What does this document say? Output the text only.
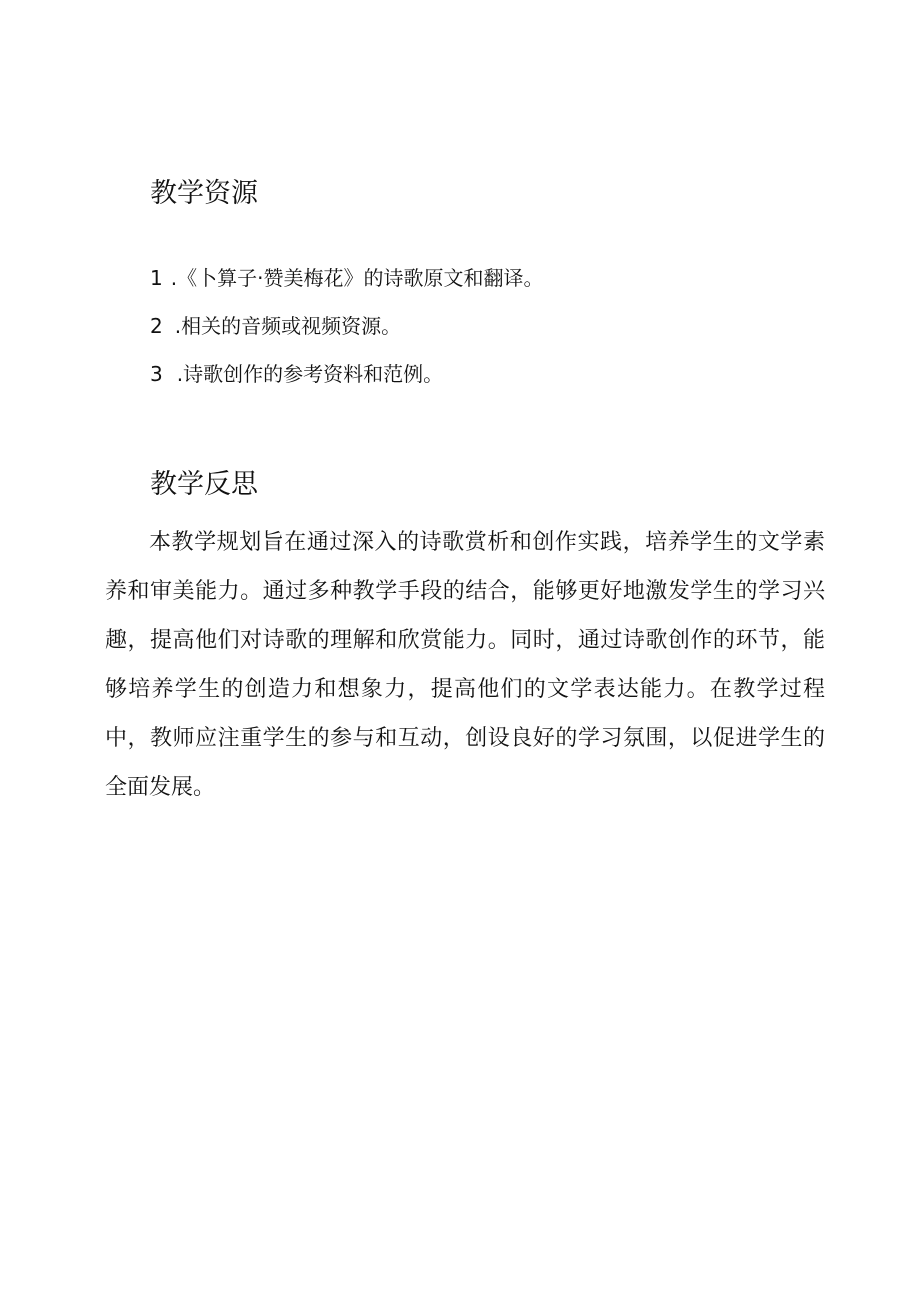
教学资源
1 .《卜算子·赞美梅花》的诗歌原文和翻译。
2 .相关的音频或视频资源。
3 .诗歌创作的参考资料和范例。
教学反思

本教学规划旨在通过深入的诗歌赏析和创作实践，培养学生的文学素养和审美能力。通过多种教学手段的结合，能够更好地激发学生的学习兴趣，提高他们对诗歌的理解和欣赏能力。同时，通过诗歌创作的环节，能够培养学生的创造力和想象力，提高他们的文学表达能力。在教学过程中，教师应注重学生的参与和互动，创设良好的学习氛围，以促进学生的全面发展。
